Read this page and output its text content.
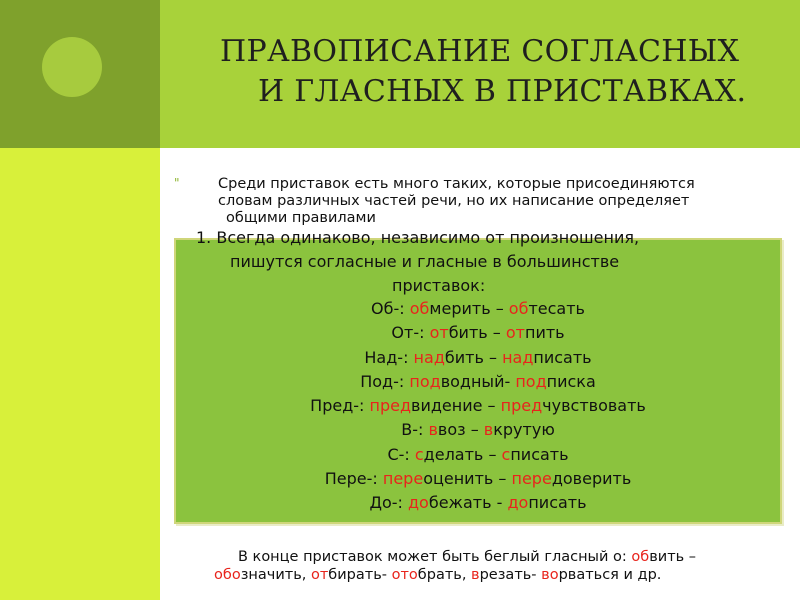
ПРАВОПИСАНИЕ СОГЛАСНЫХ
И ГЛАСНЫХ В ПРИСТАВКАХ.
"	Среди приставок есть много таких, которые присоединяются
словам различных частей речи, но их написание определяет
общими правилами
1. Всегда одинаково, независимо от произношения,
пишутся согласные и гласные в большинстве
приставок:
Об-: обмерить – обтесать
От-: отбить – отпить
Над-: надбить – надписать
Под-: подводный- подписка
Пред-: предвидение – предчувствовать
В-: ввоз – вкрутую
С-: сделать – списать
Пере-: переоценить – передоверить
До-: добежать - дописать
В конце приставок может быть беглый гласный о: обвить –
обозначить, отбирать- отобрать, врезать- ворваться и др.
